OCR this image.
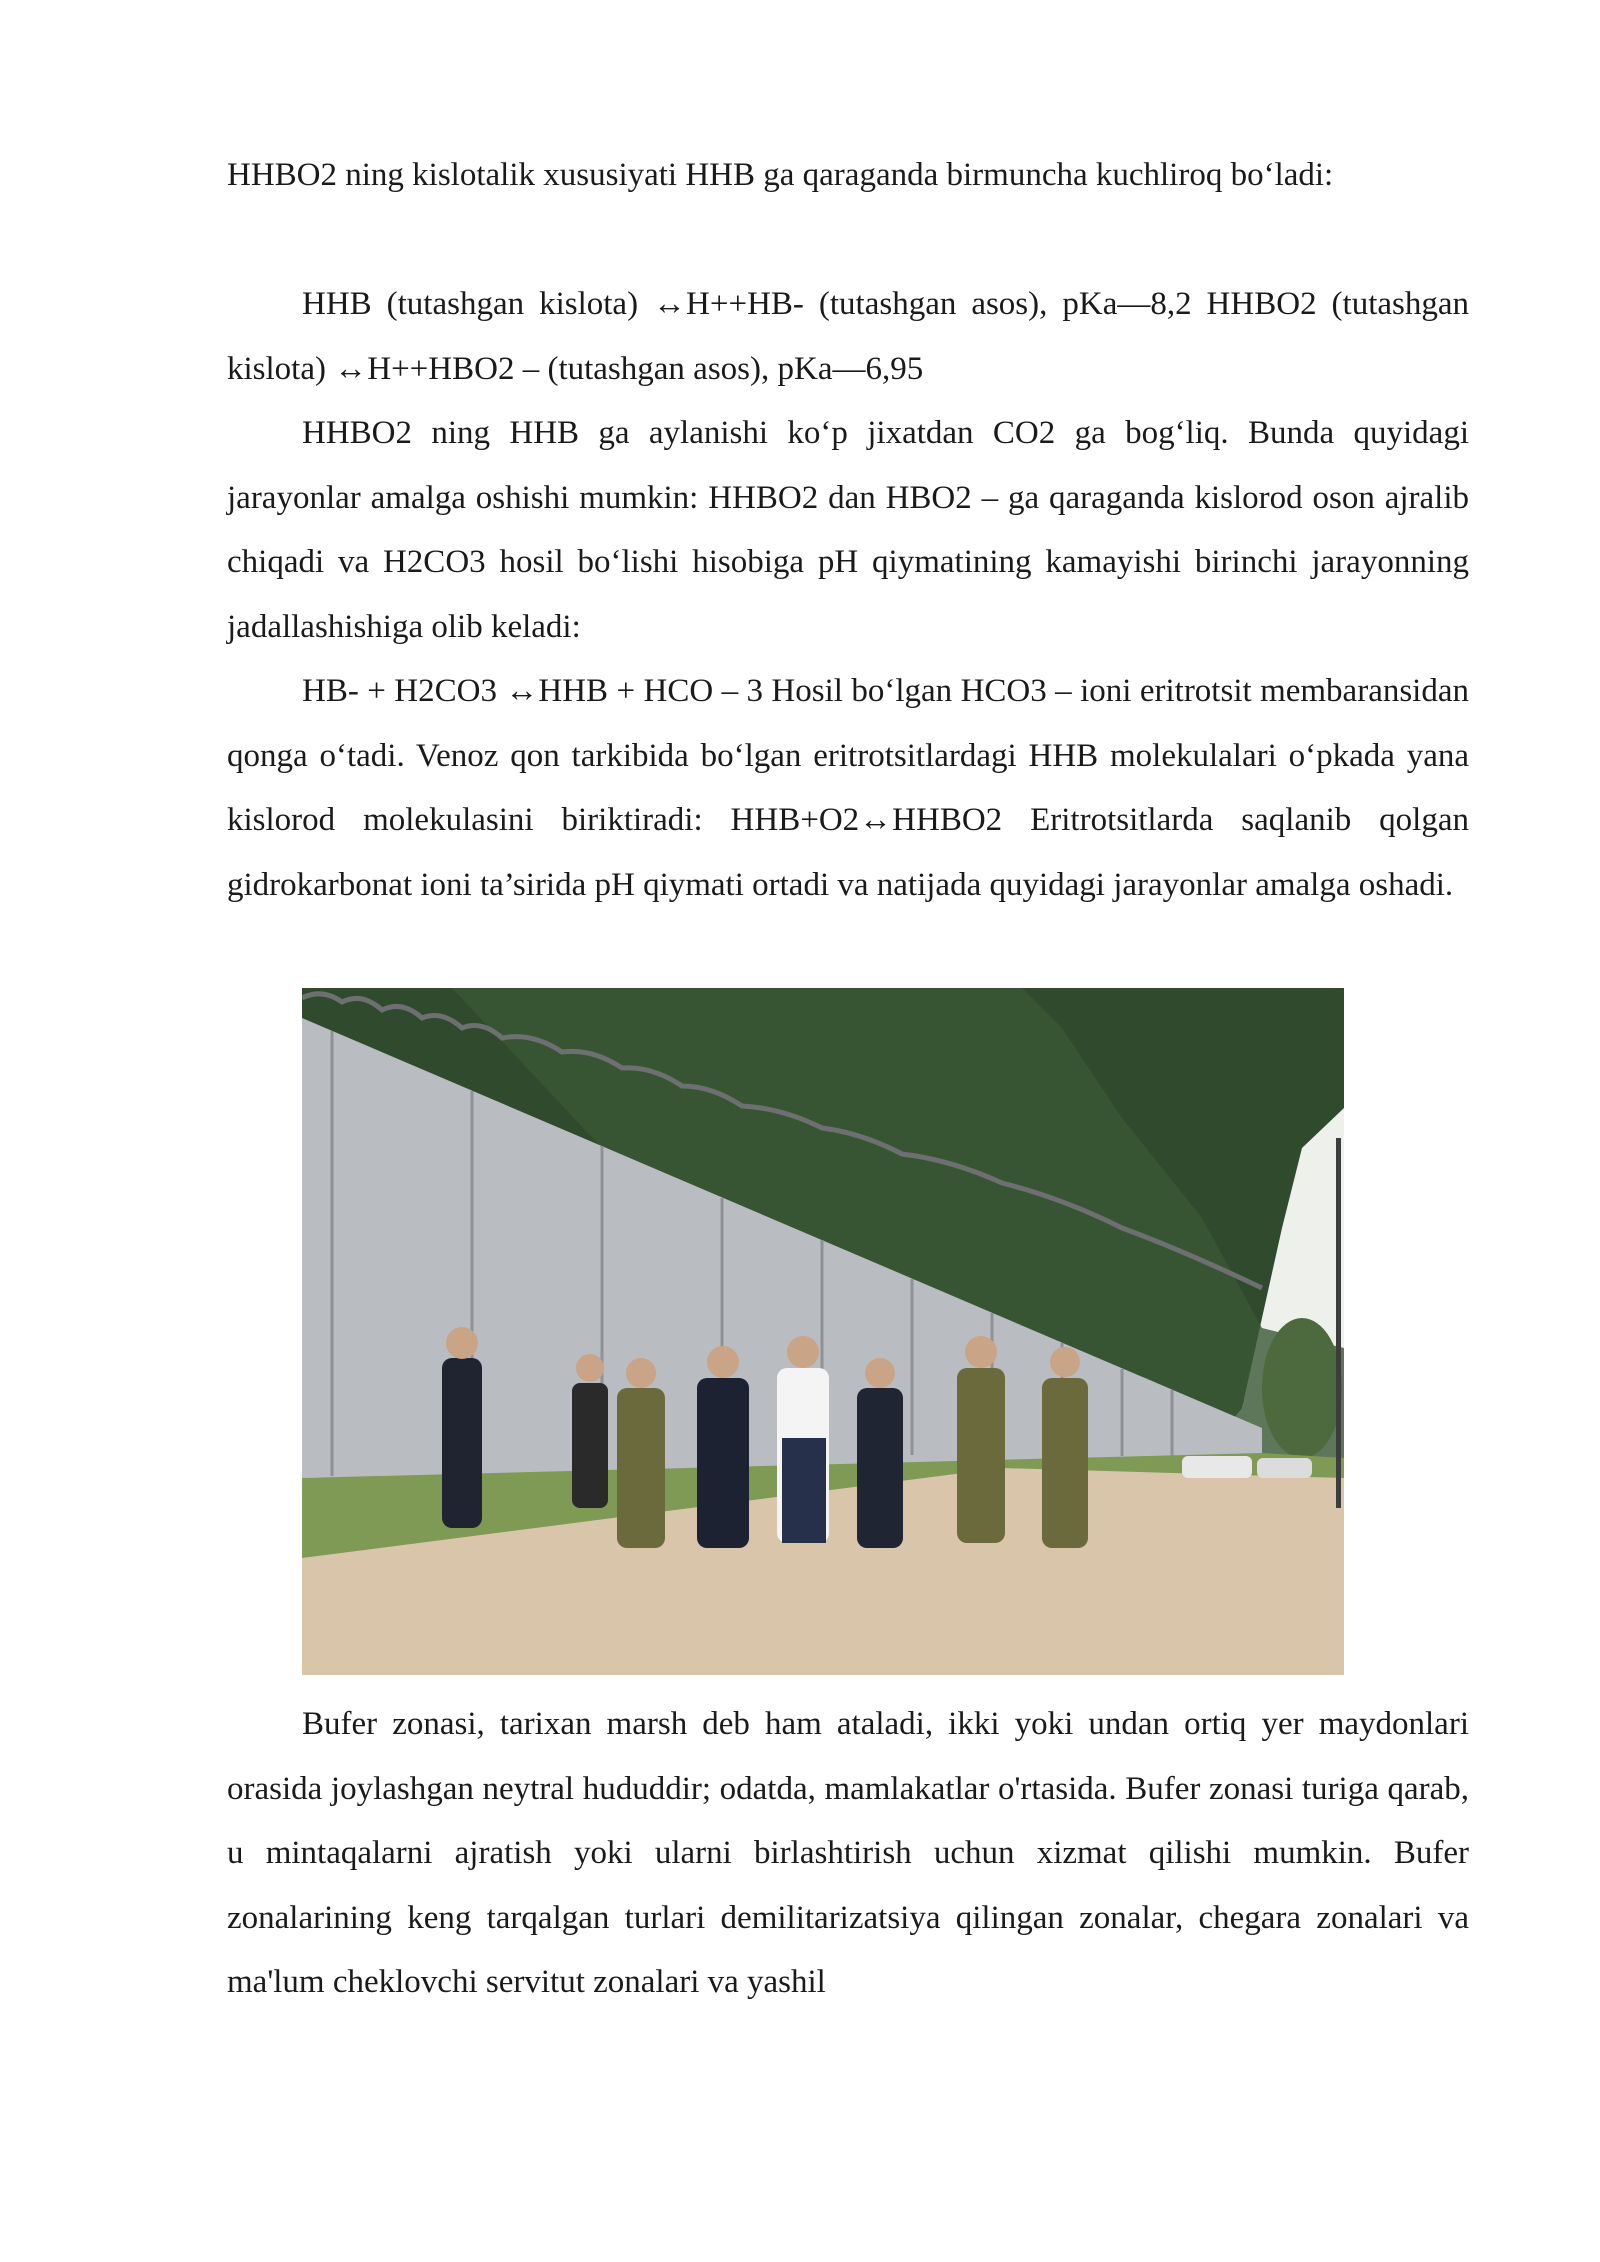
HHBO2 ning kislotalik xususiyati HHB ga qaraganda birmuncha kuchliroq bo‘ladi:

HHB (tutashgan kislota) ↔H++HB- (tutashgan asos), pKa—8,2 HHBO2 (tutashgan kislota) ↔H++HBO2 – (tutashgan asos), pKa—6,95

HHBO2 ning HHB ga aylanishi ko‘p jixatdan CO2 ga bog‘liq. Bunda quyidagi jarayonlar amalga oshishi mumkin: HHBO2 dan HBO2 – ga qaraganda kislorod oson ajralib chiqadi va H2CO3 hosil bo‘lishi hisobiga pH qiymatining kamayishi birinchi jarayonning jadallashishiga olib keladi:

HB- + H2CO3 ↔HHB + HCO – 3 Hosil bo‘lgan HCO3 – ioni eritrotsit membaransidan qonga o‘tadi. Venoz qon tarkibida bo‘lgan eritrotsitlardagi HHB molekulalari o‘pkada yana kislorod molekulasini biriktiradi: HHB+O2↔HHBO2 Eritrotsitlarda saqlanib qolgan gidrokarbonat ioni ta’sirida pH qiymati ortadi va natijada quyidagi jarayonlar amalga oshadi.

Bufer zonasi, tarixan marsh deb ham ataladi, ikki yoki undan ortiq yer maydonlari orasida joylashgan neytral hududdir; odatda, mamlakatlar o'rtasida. Bufer zonasi turiga qarab, u mintaqalarni ajratish yoki ularni birlashtirish uchun xizmat qilishi mumkin. Bufer zonalarining keng tarqalgan turlari demilitarizatsiya qilingan zonalar, chegara zonalari va ma'lum cheklovchi servitut zonalari va yashil
